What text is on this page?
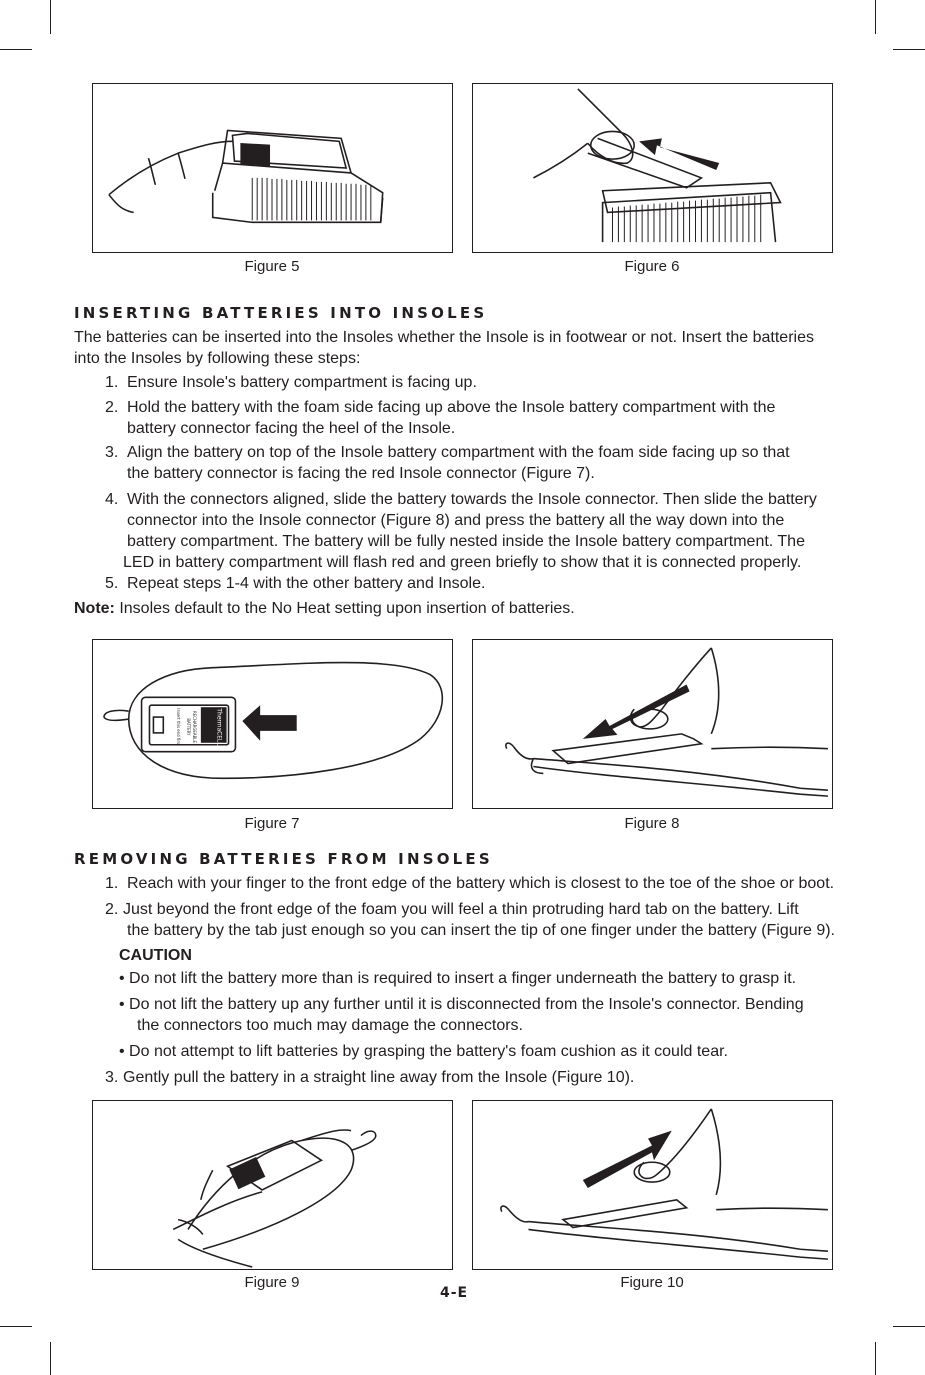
Figure 5	Figure 6
INSERTING BATTERIES INTO INSOLES
The batteries can be inserted into the Insoles whether the Insole is in footwear or not. Insert the batteries
into the Insoles by following these steps:
1. Ensure Insole's battery compartment is facing up.
2. Hold the battery with the foam side facing up above the Insole battery compartment with the
battery connector facing the heel of the Insole.
3. Align the battery on top of the Insole battery compartment with the foam side facing up so that
the battery connector is facing the red Insole connector (Figure 7).
4. With the connectors aligned, slide the battery towards the Insole connector. Then slide the battery
connector into the Insole connector (Figure 8) and press the battery all the way down into the
battery compartment. The battery will be fully nested inside the Insole battery compartment. The
LED in battery compartment will flash red and green briefly to show that it is connected properly.
5. Repeat steps 1-4 with the other battery and Insole.
Note: Insoles default to the No Heat setting upon insertion of batteries.
ThermaCELL
RECHARGEABLE
BATTERY
Insert this end first
Figure 7	Figure 8
REMOVING BATTERIES FROM INSOLES
1. Reach with your finger to the front edge of the battery which is closest to the toe of the shoe or boot.
2. Just beyond the front edge of the foam you will feel a thin protruding hard tab on the battery. Lift
the battery by the tab just enough so you can insert the tip of one finger under the battery (Figure 9).
CAUTION
• Do not lift the battery more than is required to insert a finger underneath the battery to grasp it.
• Do not lift the battery up any further until it is disconnected from the Insole's connector. Bending
the connectors too much may damage the connectors.
• Do not attempt to lift batteries by grasping the battery's foam cushion as it could tear.
3. Gently pull the battery in a straight line away from the Insole (Figure 10).
Figure 9	Figure 10
4-E
